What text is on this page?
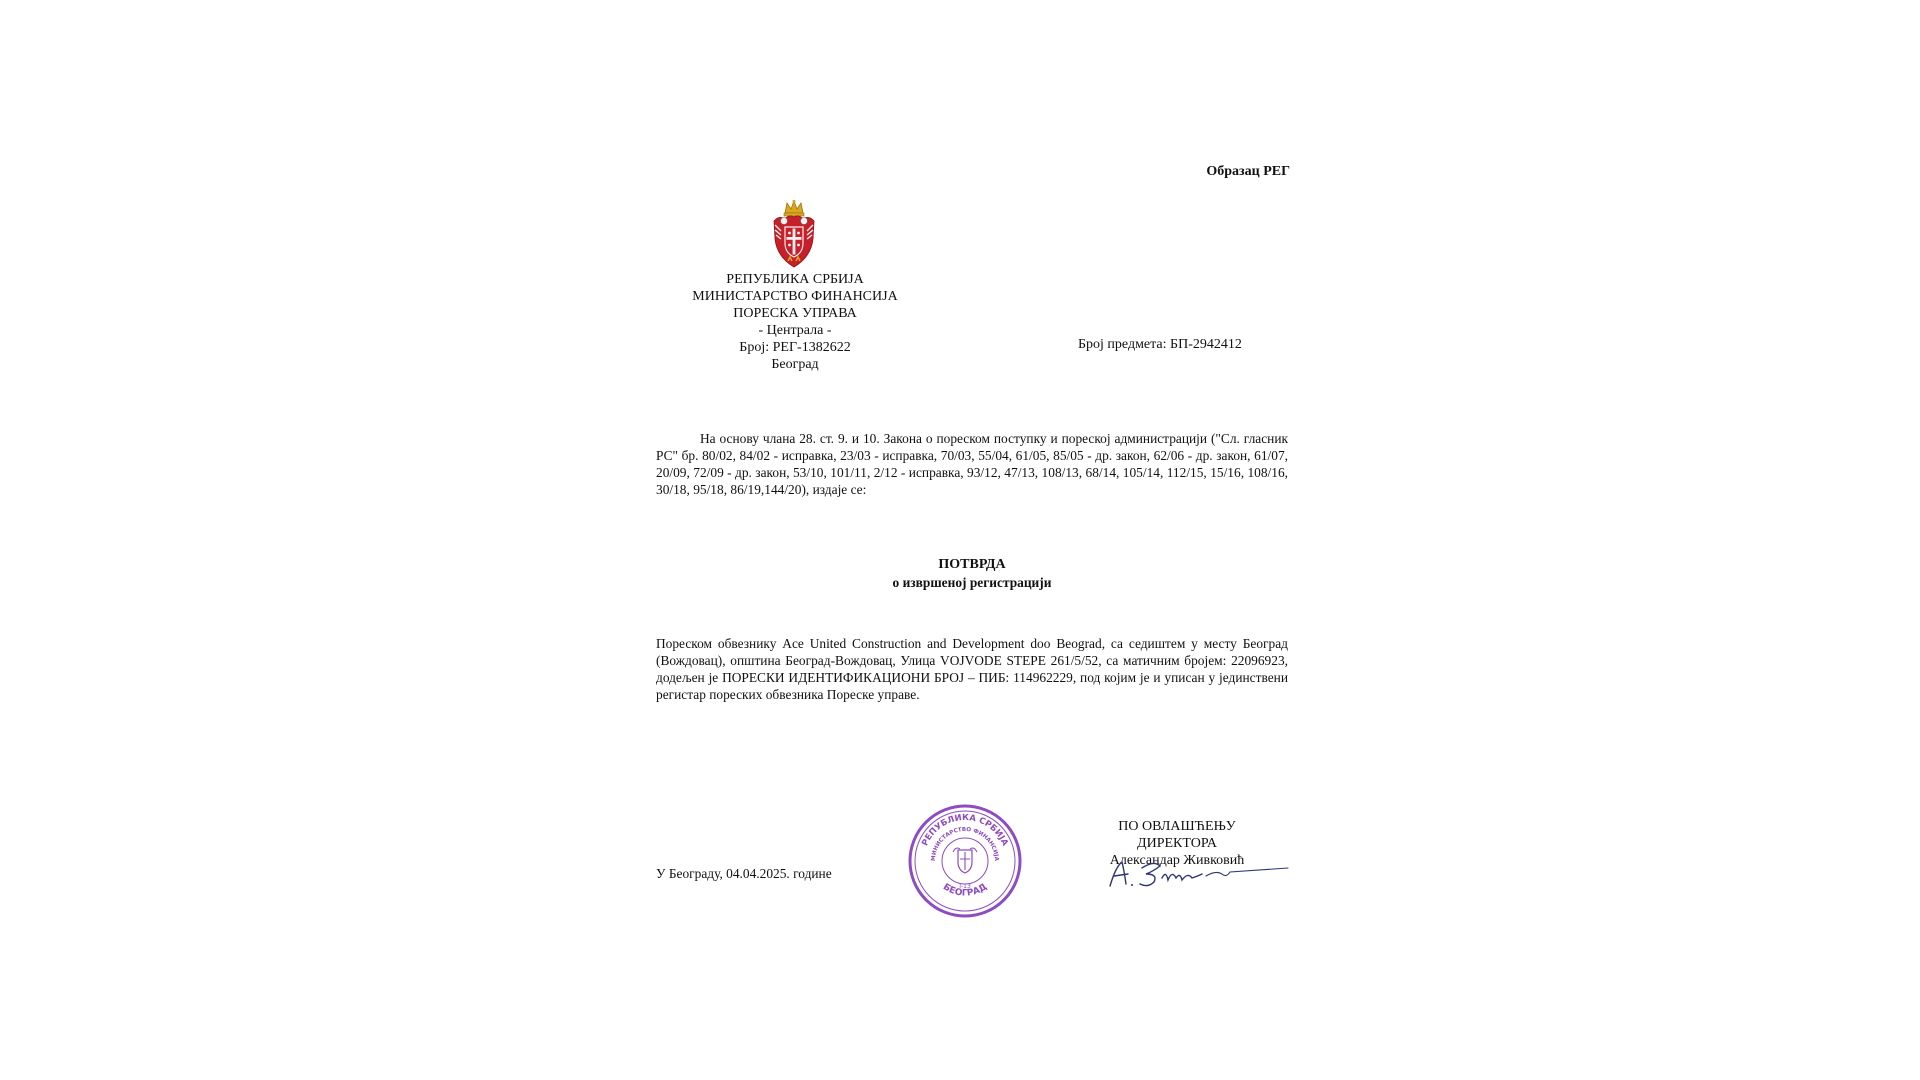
Образац РЕГ
РЕПУБЛИКА СРБИЈА
МИНИСТАРСТВО ФИНАНСИЈА
ПОРЕСКА УПРАВА
- Централа -
Број: РЕГ-1382622
Београд
Број предмета: БП-2942412
На основу члана 28. ст. 9. и 10. Закона о пореском поступку и пореској администрацији ("Сл. гласник РС" бр. 80/02, 84/02 - исправка, 23/03 - исправка, 70/03, 55/04, 61/05, 85/05 - др. закон, 62/06 - др. закон, 61/07, 20/09, 72/09 - др. закон, 53/10, 101/11, 2/12 - исправка, 93/12, 47/13, 108/13, 68/14, 105/14, 112/15, 15/16, 108/16, 30/18, 95/18, 86/19,144/20), издаје се:
ПОТВРДА
о извршеној регистрацији
Пореском обвезнику Ace United Construction and Development doo Beograd, са седиштем у месту Београд (Вождовац), општина Београд-Вождовац, Улица VOJVODE STEPE 261/5/52, са матичним бројем: 22096923, додељен је ПОРЕСКИ ИДЕНТИФИКАЦИОНИ БРОЈ – ПИБ: 114962229, под којим је и уписан у јединствени регистар пореских обвезника Пореске управе.
У Београду, 04.04.2025. године
РЕПУБЛИКА СРБИЈА
МИНИСТАРСТВО ФИНАНСИЈА
БЕОГРАД
I-13
ПО ОВЛАШЋЕЊУ ДИРЕКТОРА
Александар Живковић
